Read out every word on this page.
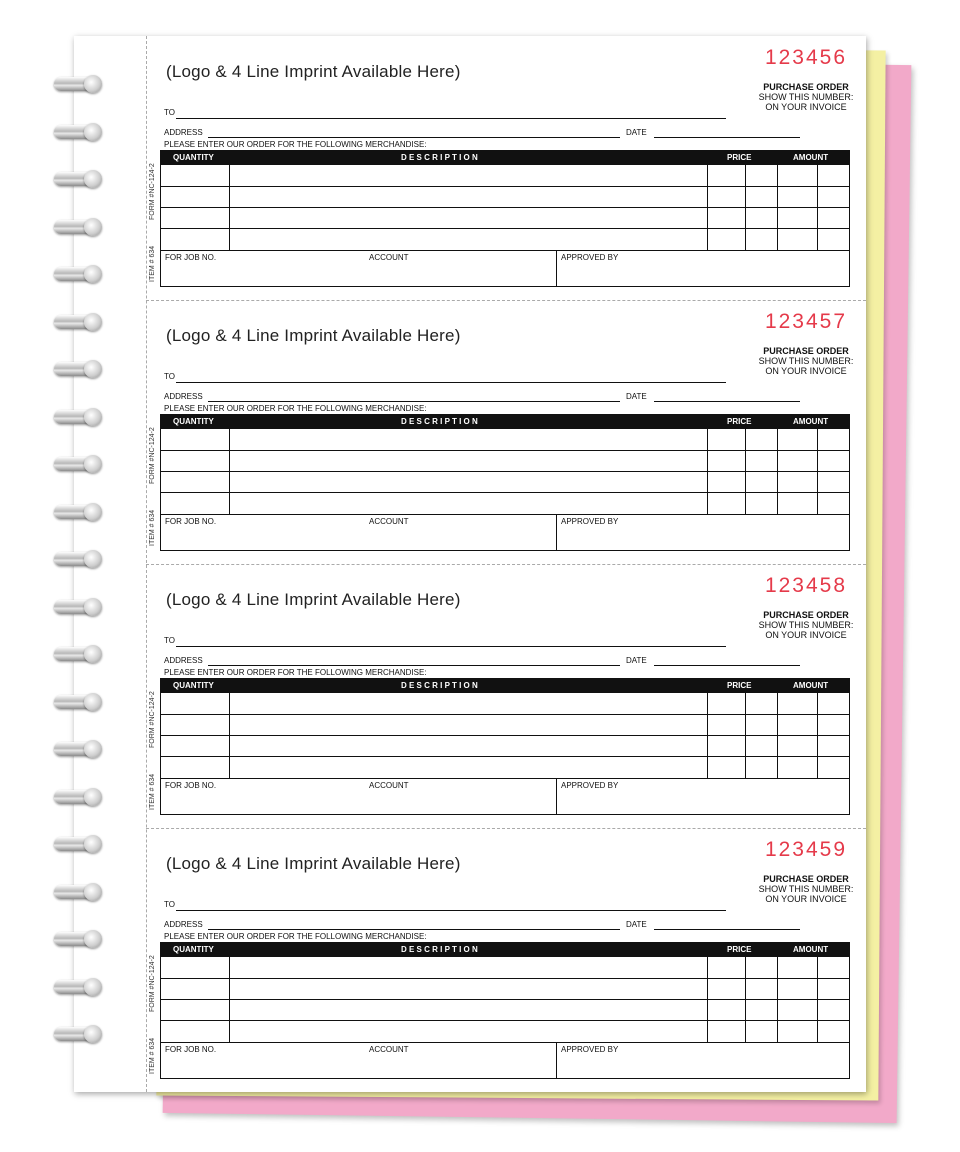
(Logo & 4 Line Imprint Available Here)
123456
PURCHASE ORDER
SHOW THIS NUMBER:
ON YOUR INVOICE
TO
ADDRESS	DATE
PLEASE ENTER OUR ORDER FOR THE FOLLOWING MERCHANDISE:
FORM #NC-124-2
ITEM # 634
QUANTITY	D E S C R I P T I O N	PRICE	AMOUNT
FOR JOB NO.	ACCOUNT	APPROVED BY
(Logo & 4 Line Imprint Available Here)
123457
PURCHASE ORDER
SHOW THIS NUMBER:
ON YOUR INVOICE
TO
ADDRESS	DATE
PLEASE ENTER OUR ORDER FOR THE FOLLOWING MERCHANDISE:
FORM #NC-124-2
ITEM # 634
QUANTITY	D E S C R I P T I O N	PRICE	AMOUNT
FOR JOB NO.	ACCOUNT	APPROVED BY
(Logo & 4 Line Imprint Available Here)
123458
PURCHASE ORDER
SHOW THIS NUMBER:
ON YOUR INVOICE
TO
ADDRESS	DATE
PLEASE ENTER OUR ORDER FOR THE FOLLOWING MERCHANDISE:
FORM #NC-124-2
ITEM # 634
QUANTITY	D E S C R I P T I O N	PRICE	AMOUNT
FOR JOB NO.	ACCOUNT	APPROVED BY
(Logo & 4 Line Imprint Available Here)
123459
PURCHASE ORDER
SHOW THIS NUMBER:
ON YOUR INVOICE
TO
ADDRESS	DATE
PLEASE ENTER OUR ORDER FOR THE FOLLOWING MERCHANDISE:
FORM #NC-124-2
ITEM # 634
QUANTITY	D E S C R I P T I O N	PRICE	AMOUNT
FOR JOB NO.	ACCOUNT	APPROVED BY
